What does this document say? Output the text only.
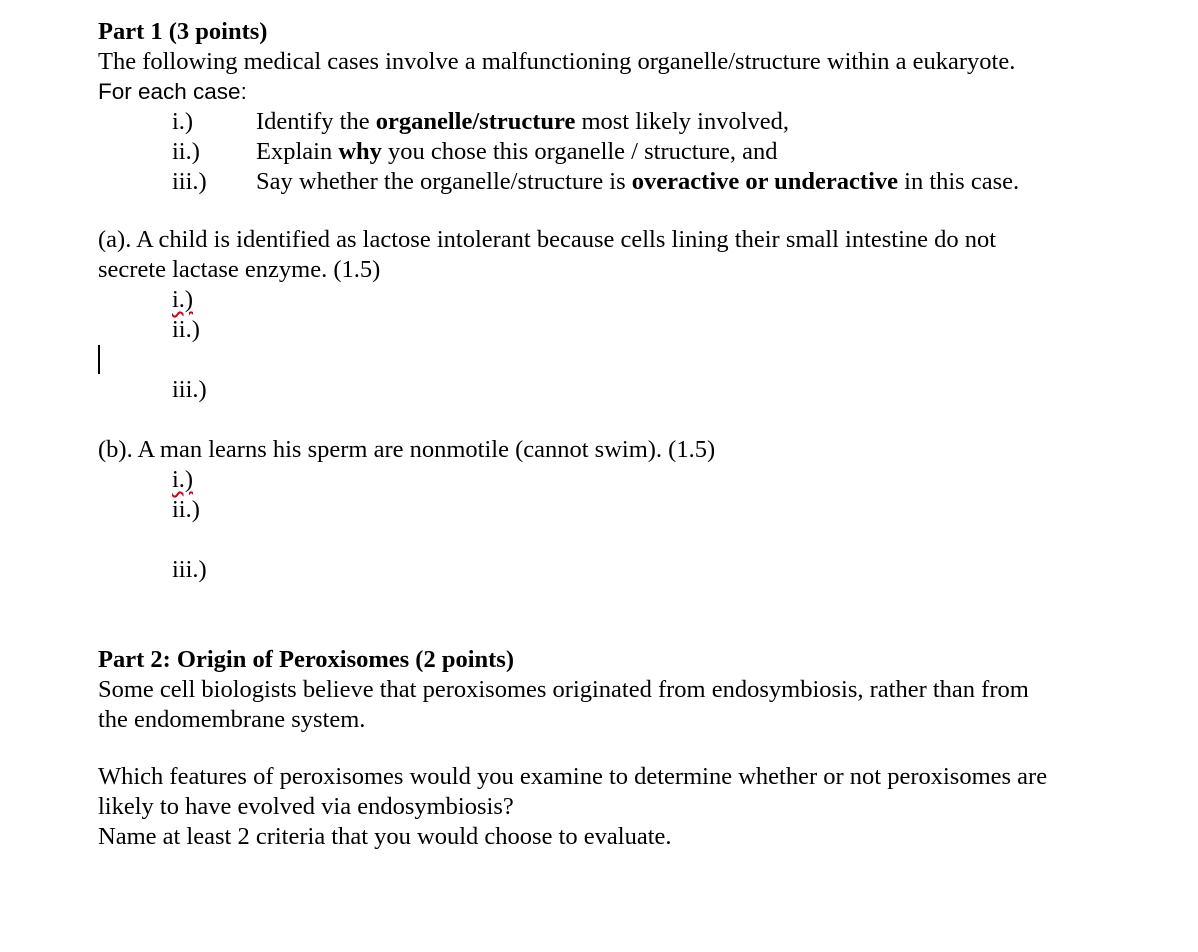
Part 1 (3 points)
The following medical cases involve a malfunctioning organelle/structure within a eukaryote.
For each case:
i.)	Identify the organelle/structure most likely involved,
ii.) Explain why you chose this organelle / structure, and
iii.) Say whether the organelle/structure is overactive or underactive in this case.
(a). A child is identified as lactose intolerant because cells lining their small intestine do not
secrete lactase enzyme. (1.5)
i.)
ii.)
iii.)
(b). A man learns his sperm are nonmotile (cannot swim). (1.5)
i.)
ii.)
iii.)
Part 2: Origin of Peroxisomes (2 points)
Some cell biologists believe that peroxisomes originated from endosymbiosis, rather than from
the endomembrane system.
Which features of peroxisomes would you examine to determine whether or not peroxisomes are
likely to have evolved via endosymbiosis?
Name at least 2 criteria that you would choose to evaluate.
